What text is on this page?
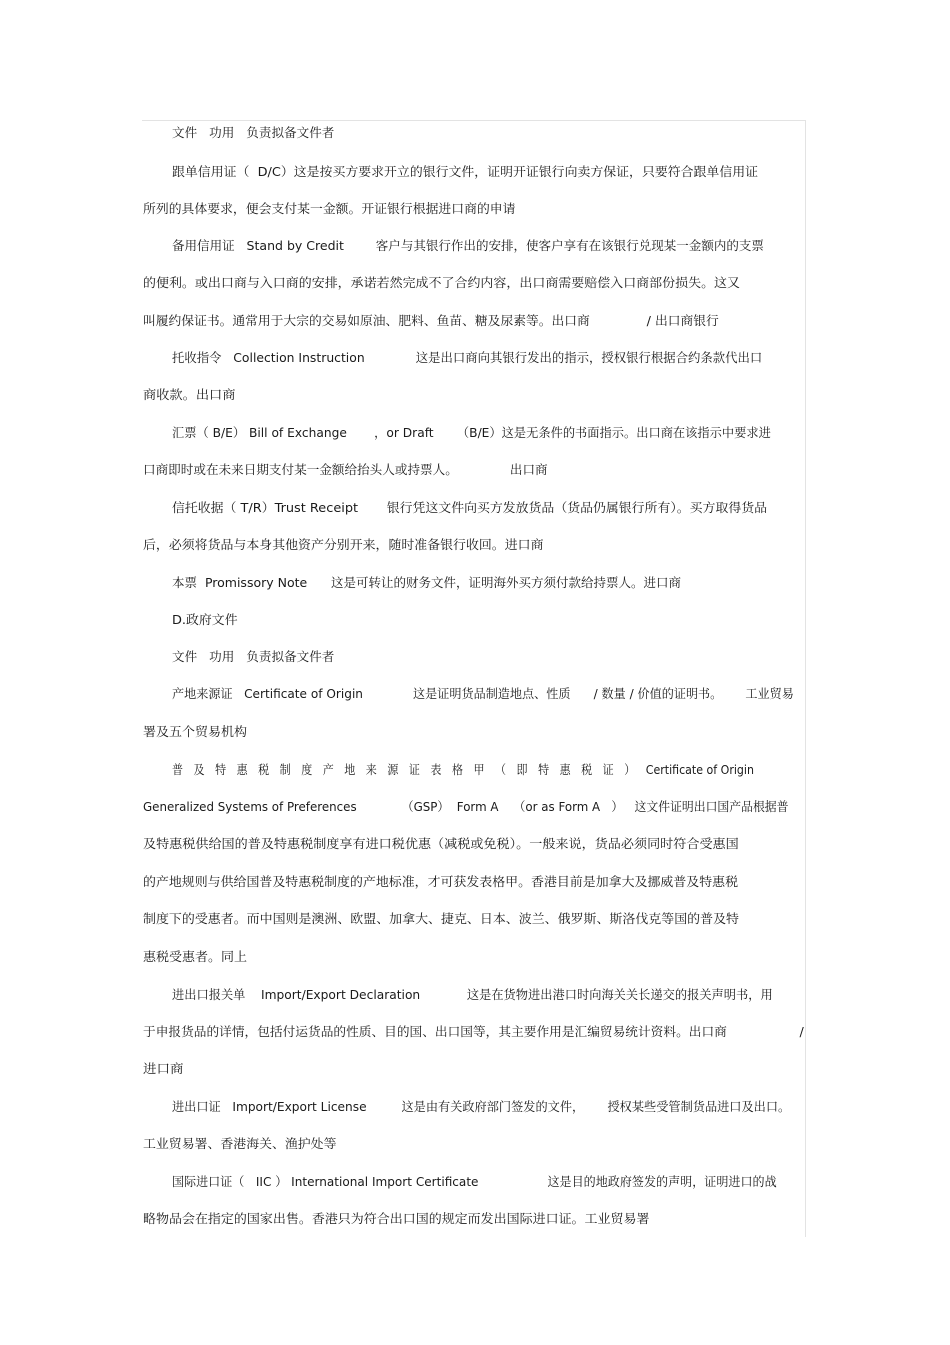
文件   功用   负责拟备文件者
跟单信用证（  D/C）这是按买方要求开立的银行文件，证明开证银行向卖方保证，只要符合跟单信用证
所列的具体要求，便会支付某一金额。开证银行根据进口商的申请
备用信用证   Stand by Credit        客户与其银行作出的安排，使客户享有在该银行兑现某一金额内的支票
的便利。或出口商与入口商的安排，承诺若然完成不了合约内容，出口商需要赔偿入口商部份损失。这又
叫履约保证书。通常用于大宗的交易如原油、肥料、鱼苗、糖及尿素等。出口商              / 出口商银行
托收指令   Collection Instruction             这是出口商向其银行发出的指示，授权银行根据合约条款代出口
商收款。出口商
汇票（ B/E） Bill of Exchange       ，or Draft      （B/E）这是无条件的书面指示。出口商在该指示中要求进
口商即时或在未来日期支付某一金额给抬头人或持票人。             出口商
信托收据（ T/R）Trust Receipt       银行凭这文件向买方发放货品（货品仍属银行所有）。买方取得货品
后，必须将货品与本身其他资产分别开来，随时准备银行收回。进口商
本票  Promissory Note      这是可转让的财务文件，证明海外买方须付款给持票人。进口商
D.政府文件
文件   功用   负责拟备文件者
产地来源证   Certificate of Origin             这是证明货品制造地点、性质      / 数量 / 价值的证明书。      工业贸易
署及五个贸易机构
普   及   特   惠   税   制   度   产   地   来   源   证   表   格   甲   （   即   特   惠   税   证   ）   Certificate of Origin
Generalized Systems of Preferences            （GSP）  Form A    （or as Form A   ）   这文件证明出口国产品根据普
及特惠税供给国的普及特惠税制度享有进口税优惠（减税或免税）。一般来说，货品必须同时符合受惠国
的产地规则与供给国普及特惠税制度的产地标准，才可获发表格甲。香港目前是加拿大及挪威普及特惠税
制度下的受惠者。而中国则是澳洲、欧盟、加拿大、捷克、日本、波兰、俄罗斯、斯洛伐克等国的普及特
惠税受惠者。同上
进出口报关单    Import/Export Declaration            这是在货物进出港口时向海关关长递交的报关声明书，用
于申报货品的详情，包括付运货品的性质、目的国、出口国等，其主要作用是汇编贸易统计资料。出口商                  /
进口商
进出口证   Import/Export License         这是由有关政府部门签发的文件，      授权某些受管制货品进口及出口。
工业贸易署、香港海关、渔护处等
国际进口证（   IIC ） International Import Certificate                  这是目的地政府签发的声明，证明进口的战
略物品会在指定的国家出售。香港只为符合出口国的规定而发出国际进口证。工业贸易署
